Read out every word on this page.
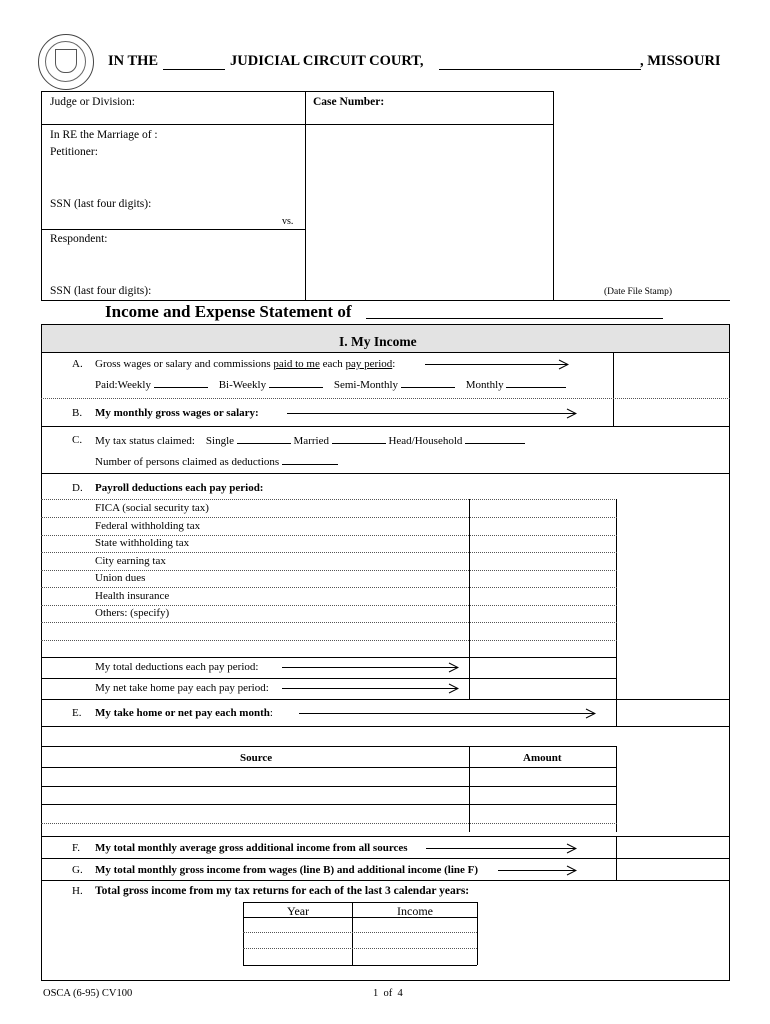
IN THE	JUDICIAL CIRCUIT COURT,	, MISSOURI
Judge or Division:	Case Number:
In RE the Marriage of :
Petitioner:
SSN (last four digits):
vs.
Respondent:
SSN (last four digits):	(Date File Stamp)
Income and Expense Statement of
I. My Income
A. Gross wages or salary and commissions paid to me each pay period:
Paid:Weekly	Bi-Weekly	Semi-Monthly	Monthly
B. My monthly gross wages or salary:
C. My tax status claimed: Single	Married	Head/Household
Number of persons claimed as deductions
D. Payroll deductions each pay period:
FICA (social security tax)
Federal withholding tax
State withholding tax
City earning tax
Union dues
Health insurance
Others: (specify)
My total deductions each pay period:
My net take home pay each pay period:
E. My take home or net pay each month:
Source	Amount
F. My total monthly average gross additional income from all sources
G. My total monthly gross income from wages (line B) and additional income (line F)
H. Total gross income from my tax returns for each of the last 3 calendar years:
Year	Income
OSCA (6-95) CV100	1  of  4
